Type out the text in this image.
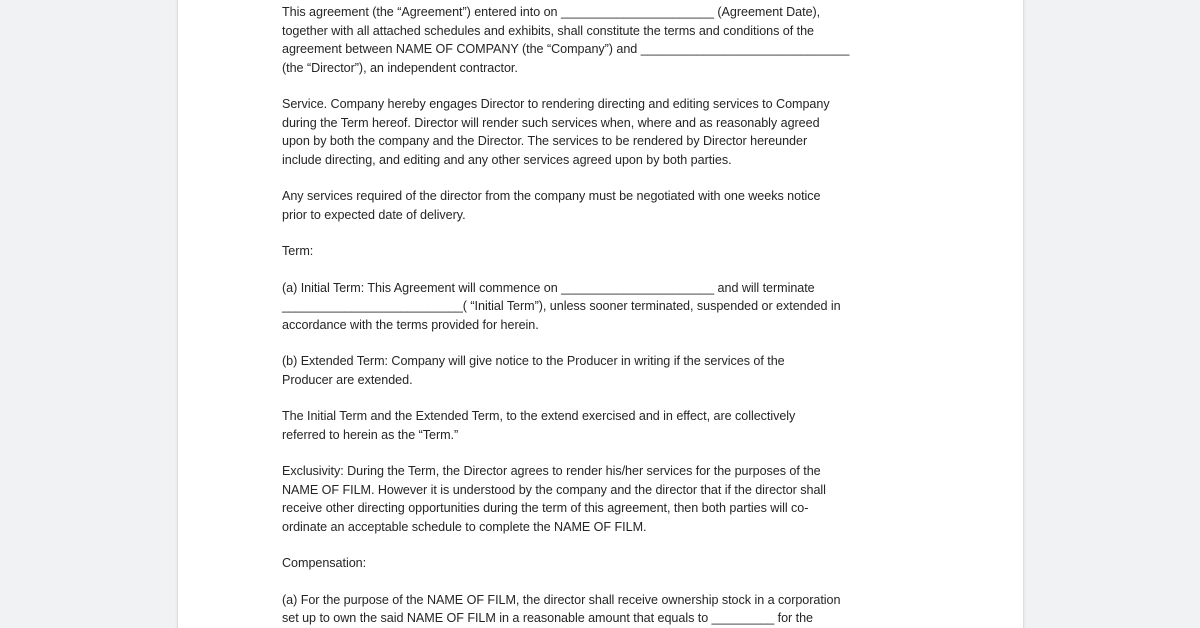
This agreement (the “Agreement”) entered into on ______________________ (Agreement Date),
together with all attached schedules and exhibits, shall constitute the terms and conditions of the
agreement between NAME OF COMPANY (the “Company”) and ______________________________
(the “Director”), an independent contractor.

Service. Company hereby engages Director to rendering directing and editing services to Company
during the Term hereof. Director will render such services when, where and as reasonably agreed
upon by both the company and the Director. The services to be rendered by Director hereunder
include directing, and editing and any other services agreed upon by both parties.

Any services required of the director from the company must be negotiated with one weeks notice
prior to expected date of delivery.

Term:

(a) Initial Term: This Agreement will commence on ______________________ and will terminate
__________________________( “Initial Term”), unless sooner terminated, suspended or extended in
accordance with the terms provided for herein.

(b) Extended Term: Company will give notice to the Producer in writing if the services of the
Producer are extended.

The Initial Term and the Extended Term, to the extend exercised and in effect, are collectively
referred to herein as the “Term.”

Exclusivity: During the Term, the Director agrees to render his/her services for the purposes of the
NAME OF FILM. However it is understood by the company and the director that if the director shall
receive other directing opportunities during the term of this agreement, then both parties will co-
ordinate an acceptable schedule to complete the NAME OF FILM.

Compensation:

(a) For the purpose of the NAME OF FILM, the director shall receive ownership stock in a corporation
set up to own the said NAME OF FILM in a reasonable amount that equals to _________ for the
